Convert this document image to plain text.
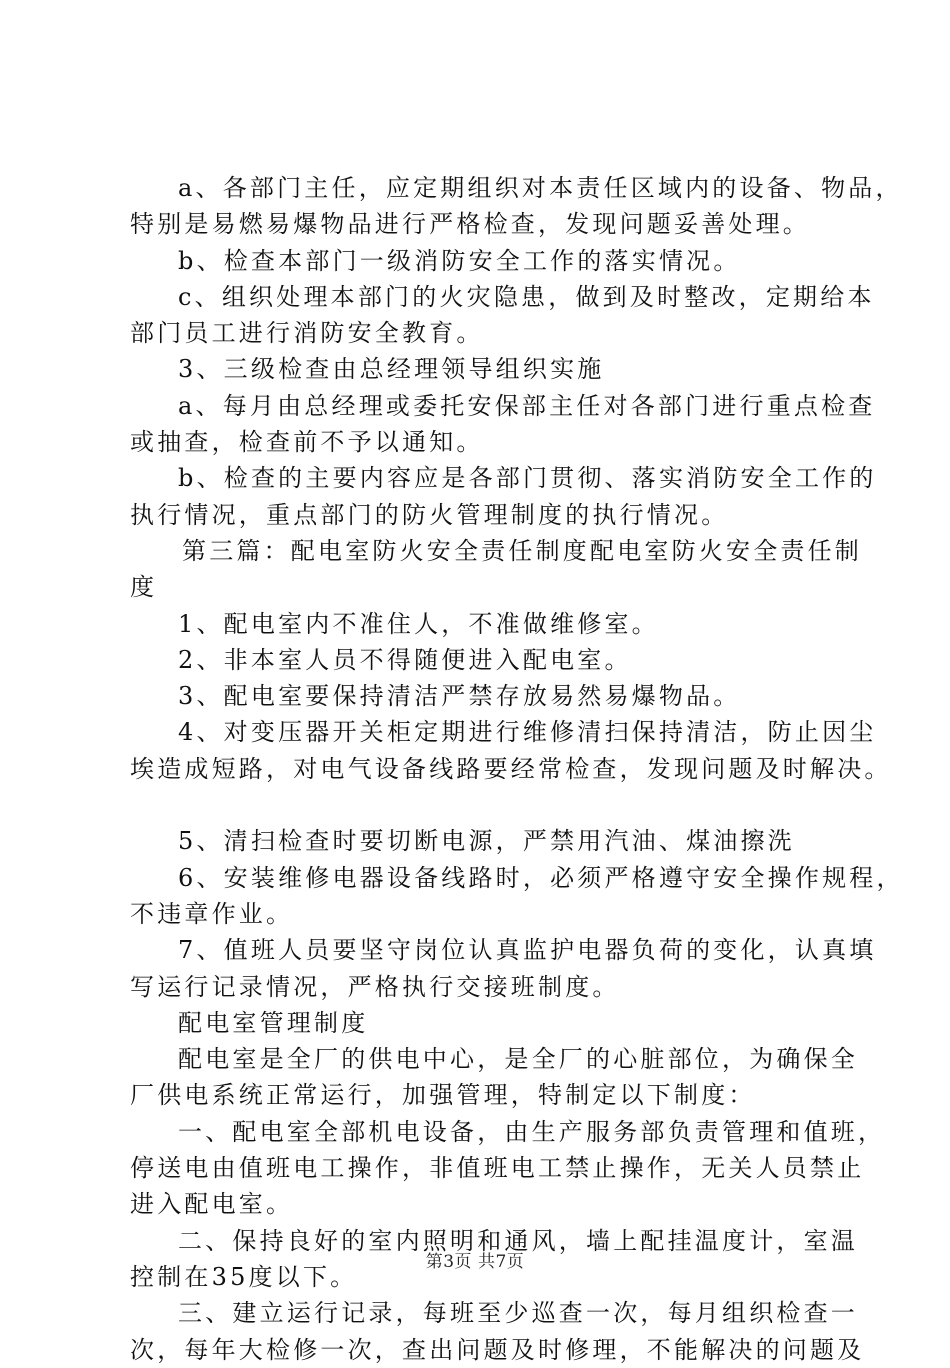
a、各部门主任，应定期组织对本责任区域内的设备、物品，
特别是易燃易爆物品进行严格检查，发现问题妥善处理。
b、检查本部门一级消防安全工作的落实情况。
c、组织处理本部门的火灾隐患，做到及时整改，定期给本
部门员工进行消防安全教育。
3、三级检查由总经理领导组织实施
a、每月由总经理或委托安保部主任对各部门进行重点检查
或抽查，检查前不予以通知。
b、检查的主要内容应是各部门贯彻、落实消防安全工作的
执行情况，重点部门的防火管理制度的执行情况。
第三篇：配电室防火安全责任制度配电室防火安全责任制
度
1、配电室内不准住人，不准做维修室。
2、非本室人员不得随便进入配电室。
3、配电室要保持清洁严禁存放易然易爆物品。
4、对变压器开关柜定期进行维修清扫保持清洁，防止因尘
埃造成短路，对电气设备线路要经常检查，发现问题及时解决。
5、清扫检查时要切断电源，严禁用汽油、煤油擦洗
6、安装维修电器设备线路时，必须严格遵守安全操作规程，
不违章作业。
7、值班人员要坚守岗位认真监护电器负荷的变化，认真填
写运行记录情况，严格执行交接班制度。
配电室管理制度
配电室是全厂的供电中心，是全厂的心脏部位，为确保全
厂供电系统正常运行，加强管理，特制定以下制度：
一、配电室全部机电设备，由生产服务部负责管理和值班，
停送电由值班电工操作，非值班电工禁止操作，无关人员禁止
进入配电室。
二、保持良好的室内照明和通风，墙上配挂温度计，室温
控制在35度以下。
三、建立运行记录，每班至少巡查一次，每月组织检查一
次，每年大检修一次，查出问题及时修理，不能解决的问题及
第3页 共7页
